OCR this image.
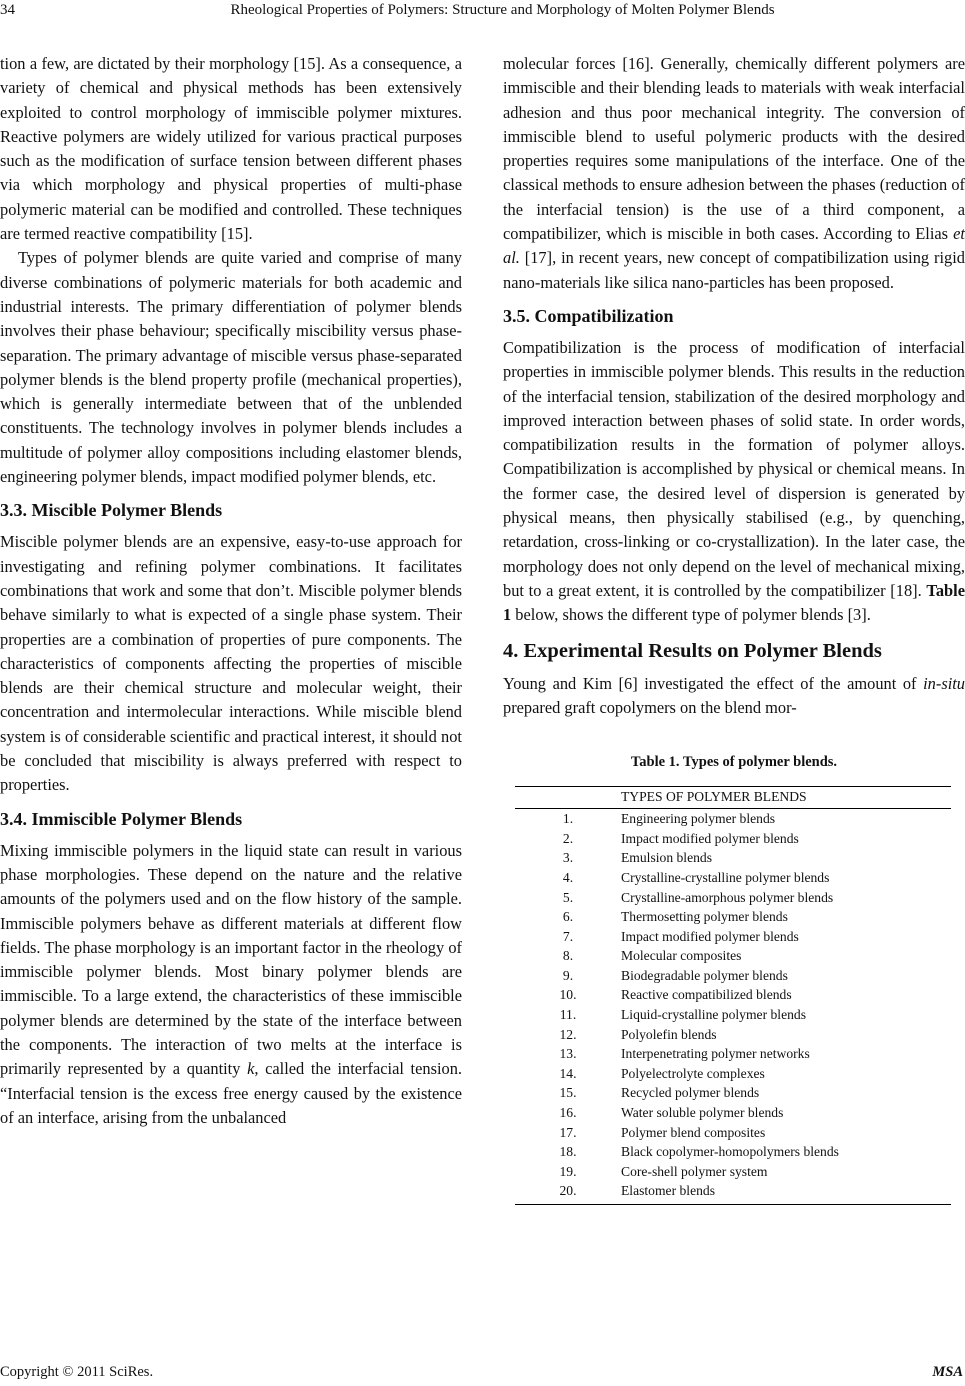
34	Rheological Properties of Polymers: Structure and Morphology of Molten Polymer Blends

tion a few, are dictated by their morphology [15]. As a consequence, a variety of chemical and physical methods has been extensively exploited to control morphology of immiscible polymer mixtures. Reactive polymers are widely utilized for various practical purposes such as the modification of surface tension between different phases via which morphology and physical properties of multi-phase polymeric material can be modified and controlled. These techniques are termed reactive compatibility [15].

Types of polymer blends are quite varied and comprise of many diverse combinations of polymeric materials for both academic and industrial interests. The primary differentiation of polymer blends involves their phase behaviour; specifically miscibility versus phase-separation. The primary advantage of miscible versus phase-separated polymer blends is the blend property profile (mechanical properties), which is generally intermediate between that of the unblended constituents. The technology involves in polymer blends includes a multitude of polymer alloy compositions including elastomer blends, engineering polymer blends, impact modified polymer blends, etc.

3.3. Miscible Polymer Blends

Miscible polymer blends are an expensive, easy-to-use approach for investigating and refining polymer combinations. It facilitates combinations that work and some that don’t. Miscible polymer blends behave similarly to what is expected of a single phase system. Their properties are a combination of properties of pure components. The characteristics of components affecting the properties of miscible blends are their chemical structure and molecular weight, their concentration and intermolecular interactions. While miscible blend system is of considerable scientific and practical interest, it should not be concluded that miscibility is always preferred with respect to properties.

3.4. Immiscible Polymer Blends

Mixing immiscible polymers in the liquid state can result in various phase morphologies. These depend on the nature and the relative amounts of the polymers used and on the flow history of the sample. Immiscible polymers behave as different materials at different flow fields. The phase morphology is an important factor in the rheology of immiscible polymer blends. Most binary polymer blends are immiscible. To a large extend, the characteristics of these immiscible polymer blends are determined by the state of the interface between the components. The interaction of two melts at the interface is primarily represented by a quantity k, called the interfacial tension. “Interfacial tension is the excess free energy caused by the existence of an interface, arising from the unbalanced

molecular forces [16]. Generally, chemically different polymers are immiscible and their blending leads to materials with weak interfacial adhesion and thus poor mechanical integrity. The conversion of immiscible blend to useful polymeric products with the desired properties requires some manipulations of the interface. One of the classical methods to ensure adhesion between the phases (reduction of the interfacial tension) is the use of a third component, a compatibilizer, which is miscible in both cases. According to Elias et al. [17], in recent years, new concept of compatibilization using rigid nano-materials like silica nano-particles has been proposed.

3.5. Compatibilization

Compatibilization is the process of modification of interfacial properties in immiscible polymer blends. This results in the reduction of the interfacial tension, stabilization of the desired morphology and improved interaction between phases of solid state. In order words, compatibilization results in the formation of polymer alloys. Compatibilization is accomplished by physical or chemical means. In the former case, the desired level of dispersion is generated by physical means, then physically stabilised (e.g., by quenching, retardation, cross-linking or co-crystallization). In the later case, the morphology does not only depend on the level of mechanical mixing, but to a great extent, it is controlled by the compatibilizer [18]. Table 1 below, shows the different type of polymer blends [3].

4. Experimental Results on Polymer Blends

Young and Kim [6] investigated the effect of the amount of in-situ prepared graft copolymers on the blend mor-

Table 1. Types of polymer blends.
	TYPES OF POLYMER BLENDS
1.	Engineering polymer blends
2.	Impact modified polymer blends
3.	Emulsion blends
4.	Crystalline-crystalline polymer blends
5.	Crystalline-amorphous polymer blends
6.	Thermosetting polymer blends
7.	Impact modified polymer blends
8.	Molecular composites
9.	Biodegradable polymer blends
10.	Reactive compatibilized blends
11.	Liquid-crystalline polymer blends
12.	Polyolefin blends
13.	Interpenetrating polymer networks
14.	Polyelectrolyte complexes
15.	Recycled polymer blends
16.	Water soluble polymer blends
17.	Polymer blend composites
18.	Black copolymer-homopolymers blends
19.	Core-shell polymer system
20.	Elastomer blends
Copyright © 2011 SciRes.	MSA
